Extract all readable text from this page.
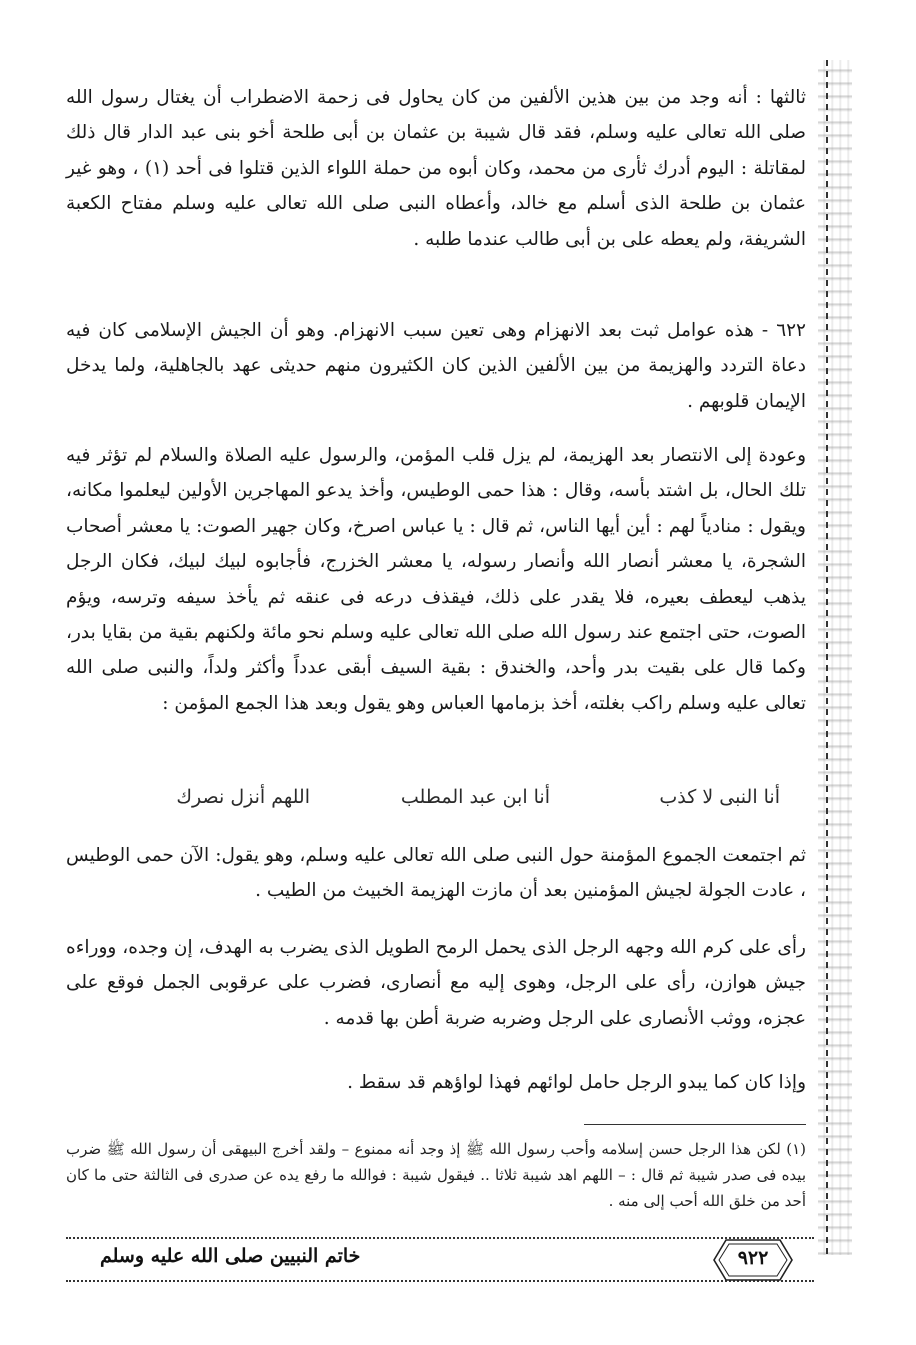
ثالثها : أنه وجد من بين هذين الألفين من كان يحاول فى زحمة الاضطراب أن يغتال رسول الله صلى الله تعالى عليه وسلم، فقد قال شيبة بن عثمان بن أبى طلحة أخو بنى عبد الدار قال ذلك لمقاتلة : اليوم أدرك ثأرى من محمد، وكان أبوه من حملة اللواء الذين قتلوا فى أحد (١) ، وهو غير عثمان بن طلحة الذى أسلم مع خالد، وأعطاه النبى صلى الله تعالى عليه وسلم مفتاح الكعبة الشريفة، ولم يعطه على بن أبى طالب عندما طلبه .

٦٢٢ - هذه عوامل ثبت بعد الانهزام وهى تعين سبب الانهزام. وهو أن الجيش الإسلامى كان فيه دعاة التردد والهزيمة من بين الألفين الذين كان الكثيرون منهم حديثى عهد بالجاهلية، ولما يدخل الإيمان قلوبهم .

وعودة إلى الانتصار بعد الهزيمة، لم يزل قلب المؤمن، والرسول عليه الصلاة والسلام لم تؤثر فيه تلك الحال، بل اشتد بأسه، وقال : هذا حمى الوطيس، وأخذ يدعو المهاجرين الأولين ليعلموا مكانه، ويقول : منادياً لهم : أين أيها الناس، ثم قال : يا عباس اصرخ، وكان جهير الصوت: يا معشر أصحاب الشجرة، يا معشر أنصار الله وأنصار رسوله، يا معشر الخزرج، فأجابوه لبيك لبيك، فكان الرجل يذهب ليعطف بعيره، فلا يقدر على ذلك، فيقذف درعه فى عنقه ثم يأخذ سيفه وترسه، ويؤم الصوت، حتى اجتمع عند رسول الله صلى الله تعالى عليه وسلم نحو مائة ولكنهم بقية من بقايا بدر، وكما قال على بقيت بدر وأحد، والخندق : بقية السيف أبقى عدداً وأكثر ولداً، والنبى صلى الله تعالى عليه وسلم راكب بغلته، أخذ بزمامها العباس وهو يقول وبعد هذا الجمع المؤمن :

أنا النبى لا كذب
أنا ابن عبد المطلب
اللهم أنزل نصرك

ثم اجتمعت الجموع المؤمنة حول النبى صلى الله تعالى عليه وسلم، وهو يقول: الآن حمى الوطيس ، عادت الجولة لجيش المؤمنين بعد أن مازت الهزيمة الخبيث من الطيب .

رأى على كرم الله وجهه الرجل الذى يحمل الرمح الطويل الذى يضرب به الهدف، إن وجده، ووراءه جيش هوازن، رأى على الرجل، وهوى إليه مع أنصارى، فضرب على عرقوبى الجمل فوقع على عجزه، ووثب الأنصارى على الرجل وضربه ضربة أطن بها قدمه .

وإذا كان كما يبدو الرجل حامل لوائهم فهذا لواؤهم قد سقط .

(١) لكن هذا الرجل حسن إسلامه وأحب رسول الله ﷺ إذ وجد أنه ممنوع – ولقد أخرج البيهقى أن رسول الله ﷺ ضرب بيده فى صدر شيبة ثم قال : – اللهم اهد شيبة ثلاثا .. فيقول شيبة : فوالله ما رفع يده عن صدرى فى الثالثة حتى ما كان أحد من خلق الله أحب إلى منه .
خاتم النبيين صلى الله عليه وسلم	٩٢٢
